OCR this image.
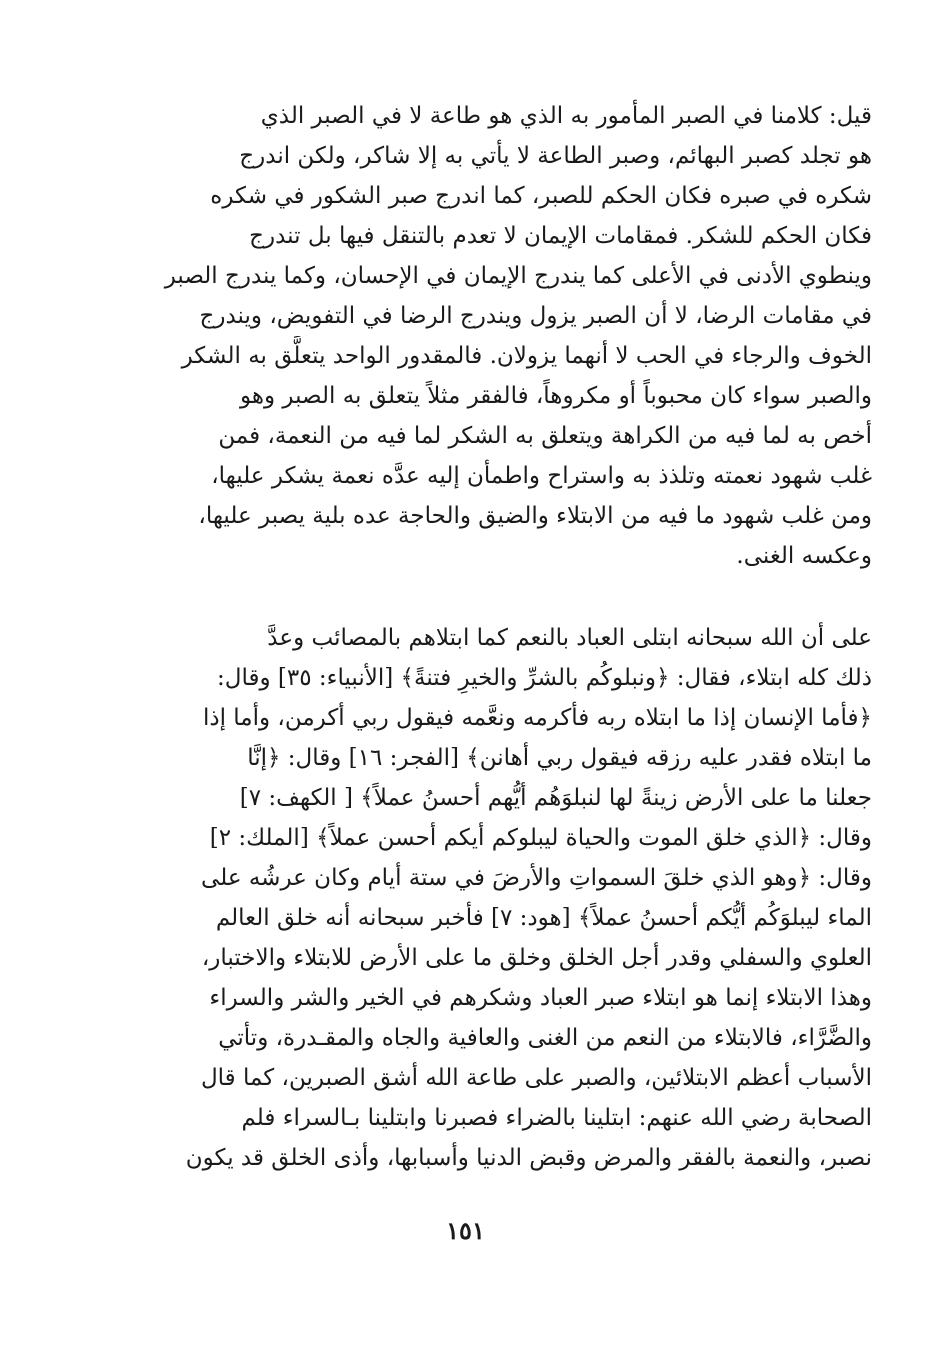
قيل: كلامنا في الصبر المأمور به الذي هو طاعة لا في الصبر الذي
هو تجلد كصبر البهائم، وصبر الطاعة لا يأتي به إلا شاكر، ولكن اندرج
شكره في صبره فكان الحكم للصبر، كما اندرج صبر الشكور في شكره
فكان الحكم للشكر. فمقامات الإيمان لا تعدم بالتنقل فيها بل تندرج
وينطوي الأدنى في الأعلى كما يندرج الإيمان في الإحسان، وكما يندرج الصبر
في مقامات الرضا، لا أن الصبر يزول ويندرج الرضا في التفويض، ويندرج
الخوف والرجاء في الحب لا أنهما يزولان. فالمقدور الواحد يتعلَّق به الشكر
والصبر سواء كان محبوباً أو مكروهاً، فالفقر مثلاً يتعلق به الصبر وهو
أخص به لما فيه من الكراهة ويتعلق به الشكر لما فيه من النعمة، فمن
غلب شهود نعمته وتلذذ به واستراح واطمأن إليه عدَّه نعمة يشكر عليها،
ومن غلب شهود ما فيه من الابتلاء والضيق والحاجة عده بلية يصبر عليها،
وعكسه الغنى.
على أن الله سبحانه ابتلى العباد بالنعم كما ابتلاهم بالمصائب وعدَّ
ذلك كله ابتلاء، فقال: ﴿ونبلوكُم بالشرِّ والخيرِ فتنةً﴾ [الأنبياء: ٣٥] وقال:
﴿فأما الإنسان إذا ما ابتلاه ربه فأكرمه ونعَّمه فيقول ربي أكرمن، وأما إذا
ما ابتلاه فقدر عليه رزقه فيقول ربي أهانن﴾ [الفجر: ١٦] وقال: ﴿إنَّا
جعلنا ما على الأرض زينةً لها لنبلوَهُم أيُّهم أحسنُ عملاً﴾ [ الكهف: ٧]
وقال: ﴿الذي خلق الموت والحياة ليبلوكم أيكم أحسن عملاً﴾ [الملك: ٢]
وقال: ﴿وهو الذي خلقَ السمواتِ والأرضَ في ستة أيام وكان عرشُه على
الماء ليبلوَكُم أيُّكم أحسنُ عملاً﴾ [هود: ٧] فأخبر سبحانه أنه خلق العالم
العلوي والسفلي وقدر أجل الخلق وخلق ما على الأرض للابتلاء والاختبار،
وهذا الابتلاء إنما هو ابتلاء صبر العباد وشكرهم في الخير والشر والسراء
والضَّرَّاء، فالابتلاء من النعم من الغنى والعافية والجاه والمقـدرة، وتأتي
الأسباب أعظم الابتلائين، والصبر على طاعة الله أشق الصبرين، كما قال
الصحابة رضي الله عنهم: ابتلينا بالضراء فصبرنا وابتلينا بـالسراء فلم
نصبر، والنعمة بالفقر والمرض وقبض الدنيا وأسبابها، وأذى الخلق قد يكون
١٥١
